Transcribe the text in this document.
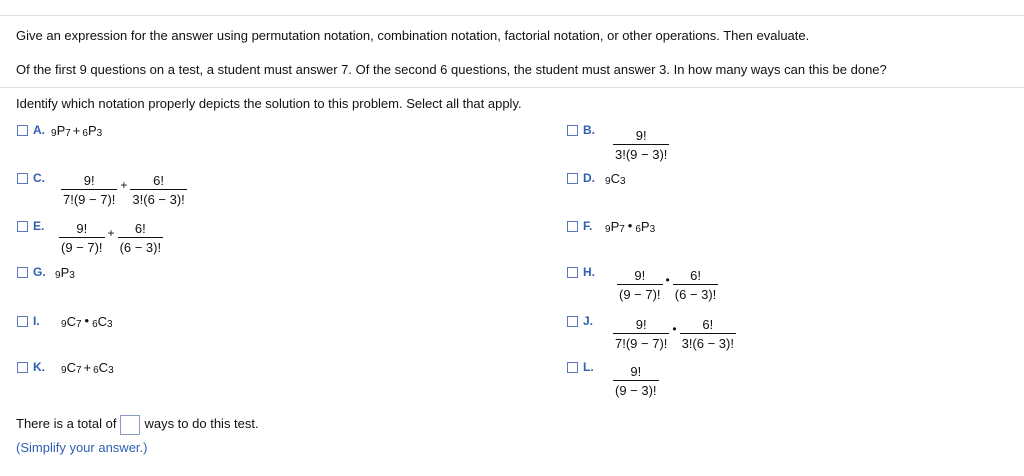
Give an expression for the answer using permutation notation, combination notation, factorial notation, or other operations. Then evaluate.
Of the first 9 questions on a test, a student must answer 7. Of the second 6 questions, the student must answer 3. In how many ways can this be done?
Identify which notation properly depicts the solution to this problem. Select all that apply.
A. 9 P 7 + 6 P 3	B.	$\frac{9!}{3!(9 - 3)!}$
C.	$\frac{9!}{7!(9 - 7)!} + \frac{6!}{3!(6 - 3)!}$	D.	9 C 3
E.	$\frac{9!}{(9 - 7)!} + \frac{6!}{(6 - 3)!}$	F.	9 P 7 • 6 P 3
G. 9 P 3	H.	$\frac{9!}{(9 - 7)!}$ • $\frac{6!}{(6 - 3)!}$
I.	9 C 7 • 6 C 3	J.	$\frac{9!}{7!(9 - 7)!}$ • $\frac{6!}{3!(6 - 3)!}$
K.	9 C 7 + 6 C 3	L.	$\frac{9!}{(9 - 3)!}$
There is a total of ways to do this test.
(Simplify your answer.)
